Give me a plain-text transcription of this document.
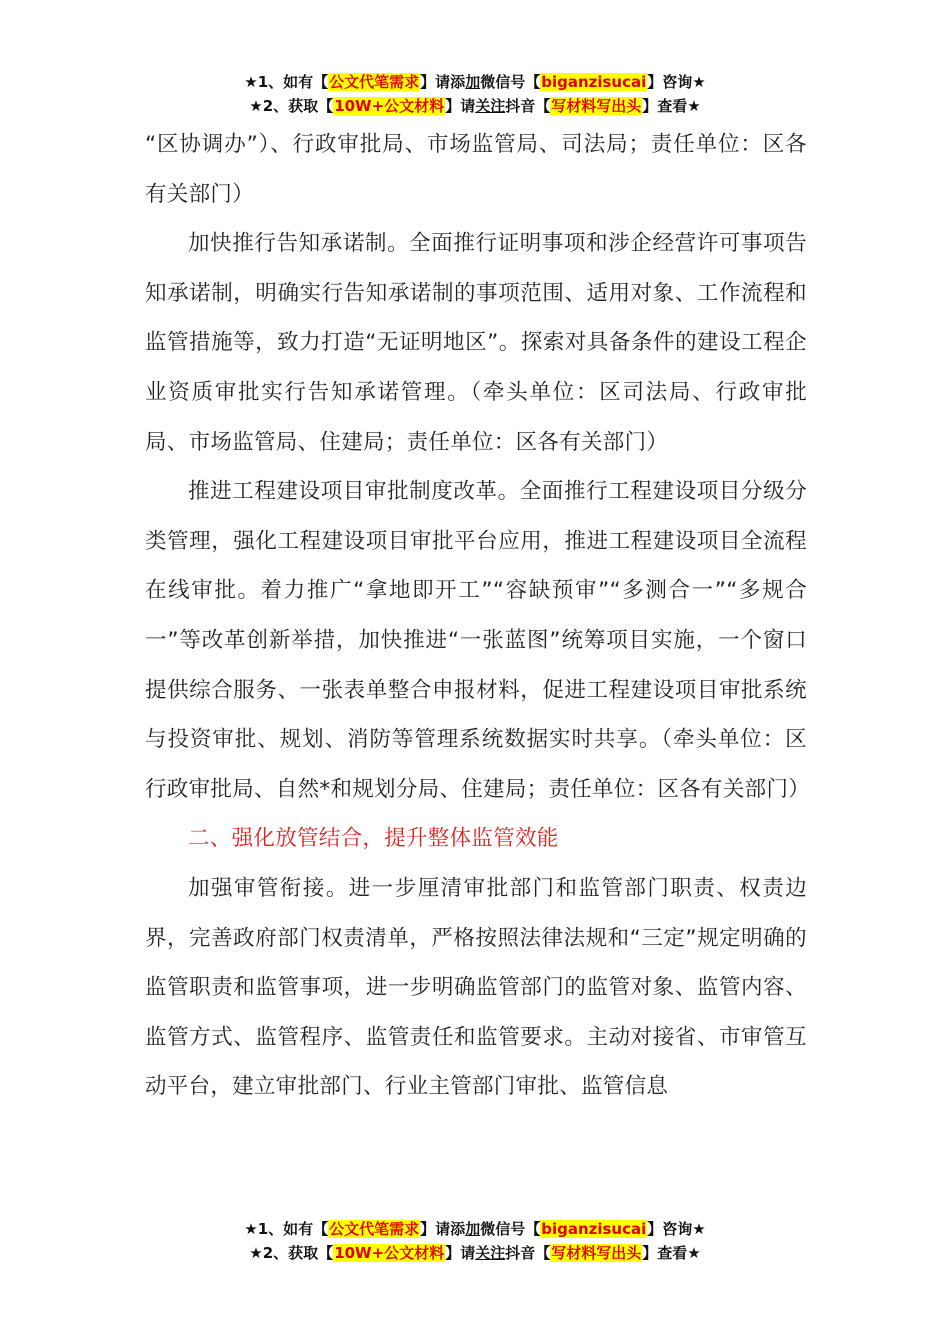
★1、如有【公文代笔需求】请添加微信号【biganzisucai】咨询★
★2、获取【10W+公文材料】请关注抖音【写材料写出头】查看★

“区协调办”）、行政审批局、市场监管局、司法局；责任单位：区各有关部门）

加快推行告知承诺制。全面推行证明事项和涉企经营许可事项告知承诺制，明确实行告知承诺制的事项范围、适用对象、工作流程和监管措施等，致力打造“无证明地区”。探索对具备条件的建设工程企业资质审批实行告知承诺管理。（牵头单位：区司法局、行政审批局、市场监管局、住建局；责任单位：区各有关部门）

推进工程建设项目审批制度改革。全面推行工程建设项目分级分类管理，强化工程建设项目审批平台应用，推进工程建设项目全流程在线审批。着力推广“拿地即开工”“容缺预审”“多测合一”“多规合一”等改革创新举措，加快推进“一张蓝图”统筹项目实施，一个窗口提供综合服务、一张表单整合申报材料，促进工程建设项目审批系统与投资审批、规划、消防等管理系统数据实时共享。（牵头单位：区行政审批局、自然*和规划分局、住建局；责任单位：区各有关部门）

二、强化放管结合，提升整体监管效能

加强审管衔接。进一步厘清审批部门和监管部门职责、权责边界，完善政府部门权责清单，严格按照法律法规和“三定”规定明确的监管职责和监管事项，进一步明确监管部门的监管对象、监管内容、监管方式、监管程序、监管责任和监管要求。主动对接省、市审管互动平台，建立审批部门、行业主管部门审批、监管信息

★1、如有【公文代笔需求】请添加微信号【biganzisucai】咨询★
★2、获取【10W+公文材料】请关注抖音【写材料写出头】查看★
